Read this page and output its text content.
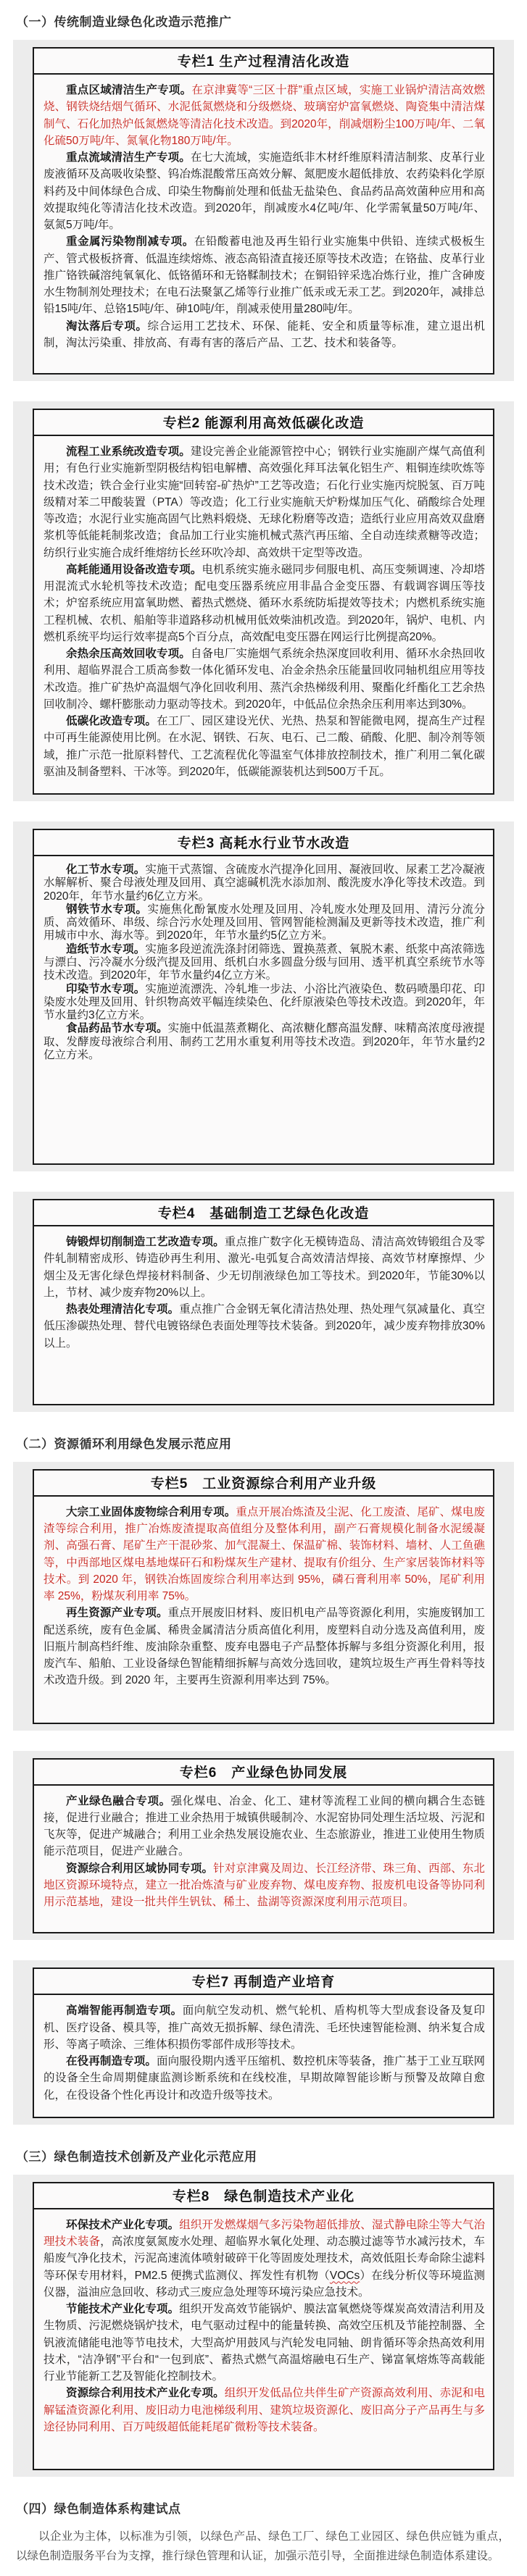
（一）传统制造业绿色化改造示范推广
专栏1 生产过程清洁化改造

重点区域清洁生产专项。在京津冀等“三区十群”重点区域，实施工业锅炉清洁高效燃烧、钢铁烧结烟气循环、水泥低氮燃烧和分级燃烧、玻璃窑炉富氧燃烧、陶瓷集中清洁煤制气、石化加热炉低氮燃烧等清洁化技术改造。到2020年，削减烟粉尘100万吨/年、二氧化硫50万吨/年、氮氧化物180万吨/年。

重点流域清洁生产专项。在七大流域，实施造纸非木材纤维原料清洁制浆、皮革行业废液循环及高吸收染整、钨冶炼混酸常压高效分解、氮肥废水超低排放、农药染料化学原料药及中间体绿色合成、印染生物酶前处理和低盐无盐染色、食品药品高效菌种应用和高效提取纯化等清洁化技术改造。到2020年，削减废水4亿吨/年、化学需氧量50万吨/年、氨氮5万吨/年。

重金属污染物削减专项。在铅酸蓄电池及再生铅行业实施集中供铅、连续式极板生产、管式极板挤膏、低温连续熔炼、液态高铅渣直接还原等技术改造；在铬盐、皮革行业推广铬铁碱溶纯氧氧化、低铬循环和无铬鞣制技术；在铜铅锌采选冶炼行业，推广含砷废水生物制剂处理技术；在电石法聚氯乙烯等行业推广低汞或无汞工艺。到2020年，减排总铅15吨/年、总铬15吨/年、砷10吨/年，削减汞使用量280吨/年。

淘汰落后专项。综合运用工艺技术、环保、能耗、安全和质量等标准，建立退出机制，淘汰污染重、排放高、有毒有害的落后产品、工艺、技术和装备等。

专栏2 能源利用高效低碳化改造

流程工业系统改造专项。建设完善企业能源管控中心；钢铁行业实施副产煤气高值利用；有色行业实施新型阴极结构铝电解槽、高效强化拜耳法氧化铝生产、粗铜连续吹炼等技术改造；铁合金行业实施“回转窑-矿热炉”工艺等改造；石化行业实施丙烷脱氢、百万吨级精对苯二甲酸装置（PTA）等改造；化工行业实施航天炉粉煤加压气化、硝酸综合处理等改造；水泥行业实施高固气比熟料煅烧、无球化粉磨等改造；造纸行业应用高效双盘磨浆机等低能耗制浆改造；食品加工行业实施机械式蒸汽再压缩、全自动连续煮糖等改造；纺织行业实施合成纤维熔纺长丝环吹冷却、高效烘干定型等改造。

高耗能通用设备改造专项。电机系统实施永磁同步伺服电机、高压变频调速、冷却塔用混流式水轮机等技术改造；配电变压器系统应用非晶合金变压器、有载调容调压等技术；炉窑系统应用富氧助燃、蓄热式燃烧、循环水系统防垢提效等技术；内燃机系统实施工程机械、农机、船舶等非道路移动机械用低效柴油机改造。到2020年，锅炉、电机、内燃机系统平均运行效率提高5个百分点，高效配电变压器在网运行比例提高20%。

余热余压高效回收专项。自备电厂实施烟气系统余热深度回收利用、循环水余热回收利用、超临界混合工质高参数一体化循环发电、冶金余热余压能量回收同轴机组应用等技术改造。推广矿热炉高温烟气净化回收利用、蒸汽余热梯级利用、聚酯化纤酯化工艺余热回收制冷、螺杆膨胀动力驱动等技术。到2020年，中低品位余热余压利用率达到30%。

低碳化改造专项。在工厂、园区建设光伏、光热、热泵和智能微电网，提高生产过程中可再生能源使用比例。在水泥、钢铁、石灰、电石、己二酸、硝酸、化肥、制冷剂等领域，推广示范一批原料替代、工艺流程优化等温室气体排放控制技术，推广利用二氧化碳驱油及制备塑料、干冰等。到2020年，低碳能源装机达到500万千瓦。

专栏3 高耗水行业节水改造

化工节水专项。实施干式蒸馏、含硫废水汽提净化回用、凝液回收、尿素工艺冷凝液水解解析、聚合母液处理及回用、真空滤碱机洗水添加剂、酸洗废水净化等技术改造。到2020年，年节水量约6亿立方米。

钢铁节水专项。实施焦化酚氰废水处理及回用、冷轧废水处理及回用、清污分流分质、高效循环、串级、综合污水处理及回用、管网智能检测漏及更新等技术改造，推广利用城市中水、海水等。到2020年，年节水量约5亿立方米。

造纸节水专项。实施多段逆流洗涤封闭筛选、置换蒸煮、氧脱木素、纸浆中高浓筛选与漂白、污冷凝水分级汽提及回用、纸机白水多圆盘分级与回用、透平机真空系统节水等技术改造。到2020年，年节水量约4亿立方米。

印染节水专项。实施逆流漂洗、冷轧堆一步法、小浴比汽液染色、数码喷墨印花、印染废水处理及回用、针织物高效平幅连续染色、化纤原液染色等技术改造。到2020年，年节水量约3亿立方米。

食品药品节水专项。实施中低温蒸煮糊化、高浓糖化醪高温发酵、味精高浓度母液提取、发酵废母液综合利用、制药工艺用水重复利用等技术改造。到2020年，年节水量约2亿立方米。

专栏4　基础制造工艺绿色化改造

铸锻焊切削制造工艺改造专项。重点推广数字化无模铸造岛、清洁高效铸锻组合及零件轧制精密成形、铸造砂再生利用、激光-电弧复合高效清洁焊接、高效节材摩擦焊、少烟尘及无害化绿色焊接材料制备、少无切削液绿色加工等技术。到2020年，节能30%以上，节材、减少废弃物20%以上。

热表处理清洁化专项。重点推广合金钢无氧化清洁热处理、热处理气氛减量化、真空低压渗碳热处理、替代电镀铬绿色表面处理等技术装备。到2020年，减少废弃物排放30%以上。

（二）资源循环利用绿色发展示范应用
专栏5　工业资源综合利用产业升级

大宗工业固体废物综合利用专项。重点开展冶炼渣及尘泥、化工废渣、尾矿、煤电废渣等综合利用，推广冶炼废渣提取高值组分及整体利用，副产石膏规模化制备水泥缓凝剂、高强石膏、尾矿生产干混砂浆、加气混凝土、保温矿棉、装饰材料、墙材、人工鱼礁等，中西部地区煤电基地煤矸石和粉煤灰生产建材、提取有价组分、生产家居装饰材料等技术。到 2020 年，钢铁冶炼固废综合利用率达到 95%，磷石膏利用率 50%，尾矿利用率 25%，粉煤灰利用率 75%。

再生资源产业专项。重点开展废旧材料、废旧机电产品等资源化利用，实施废钢加工配送系统，废有色金属、稀贵金属清洁分质高值化利用，废塑料自动分选及高值利用，废旧瓶片制高档纤维、废油除杂重整、废弃电器电子产品整体拆解与多组分资源化利用，报废汽车、船舶、工业设备绿色智能精细拆解与高效分选回收，建筑垃圾生产再生骨料等技术改造升级。到 2020 年，主要再生资源利用率达到 75%。

专栏6　产业绿色协同发展

产业绿色融合专项。强化煤电、冶金、化工、建材等流程工业间的横向耦合生态链接，促进行业融合；推进工业余热用于城镇供暖制冷、水泥窑协同处理生活垃圾、污泥和飞灰等，促进产城融合；利用工业余热发展设施农业、生态旅游业，推进工业使用生物质能示范项目，促进产业融合。

资源综合利用区域协同专项。针对京津冀及周边、长江经济带、珠三角、西部、东北地区资源环境特点，建立一批冶炼渣与矿业废弃物、煤电废弃物、报废机电设备等协同利用示范基地，建设一批共伴生钒钛、稀土、盐湖等资源深度利用示范项目。

专栏7 再制造产业培育

高端智能再制造专项。面向航空发动机、燃气轮机、盾构机等大型成套设备及复印机、医疗设备、模具等，推广高效无损拆解、绿色清洗、毛坯快速智能检测、纳米复合成形、等离子喷涂、三维体积损伤零部件成形等技术。

在役再制造专项。面向服役期内透平压缩机、数控机床等装备，推广基于工业互联网的设备全生命周期健康监测诊断系统和在线校准，早期故障智能诊断与预警及故障自愈化，在役设备个性化再设计和改造升级等技术。

（三）绿色制造技术创新及产业化示范应用
专栏8　绿色制造技术产业化

环保技术产业化专项。组织开发燃煤烟气多污染物超低排放、湿式静电除尘等大气治理技术装备，高浓度氨氮废水处理、超临界水氧化处理、动态膜过滤等节水减污技术，车船废气净化技术，污泥高速流体喷射破碎干化等固废处理技术，高效低阻长寿命除尘滤料等环保专用材料，PM2.5 便携式监测仪、挥发性有机物（VOCs）在线分析仪等环境监测仪器，溢油应急回收、移动式三废应急处理等环境污染应急技术。

节能技术产业化专项。组织开发高效节能锅炉、膜法富氧燃烧等煤炭高效清洁利用及生物质、污泥燃烧锅炉技术，电气驱动过程中的能量转换、高效空压机及节能控制器、全钒液流储能电池等节电技术，大型高炉用鼓风与汽轮发电同轴、朗肯循环等余热高效利用技术，“洁净钢”平台和“一包到底”、蓄热式燃气高温熔融电石生产、锑富氧熔炼等高载能行业节能新工艺及智能化控制技术。

资源综合利用技术产业化专项。组织开发低品位共伴生矿产资源高效利用、赤泥和电解锰渣资源化利用、废旧动力电池梯级利用、建筑垃圾资源化、废旧高分子产品再生与多途径协同利用、百万吨级超低能耗尾矿微粉等技术装备。

（四）绿色制造体系构建试点

以企业为主体，以标准为引领，以绿色产品、绿色工厂、绿色工业园区、绿色供应链为重点，以绿色制造服务平台为支撑，推行绿色管理和认证，加强示范引导，全面推进绿色制造体系建设。
